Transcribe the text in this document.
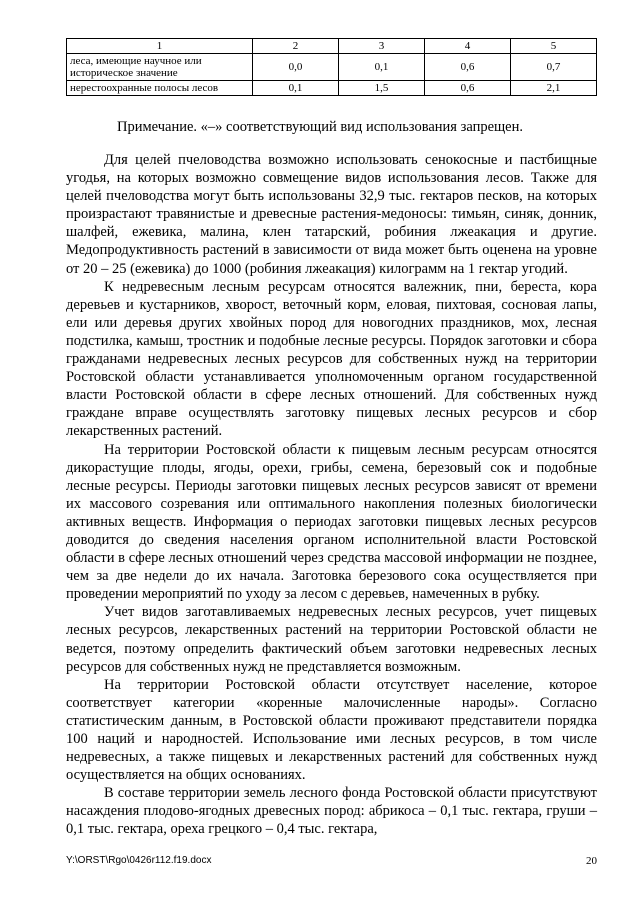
1	2	3	4	5
леса, имеющие научное или историческое значение	0,0	0,1	0,6	0,7
нерестоохранные полосы лесов	0,1	1,5	0,6	2,1
Примечание. «–» соответствующий вид использования запрещен.

Для целей пчеловодства возможно использовать сенокосные и пастбищные угодья, на которых возможно совмещение видов использования лесов. Также для целей пчеловодства могут быть использованы 32,9 тыс. гектаров песков, на которых произрастают травянистые и древесные растения-медоносы: тимьян, синяк, донник, шалфей, ежевика, малина, клен татарский, робиния лжеакация и другие. Медопродуктивность растений в зависимости от вида может быть оценена на уровне от 20 – 25 (ежевика) до 1000 (робиния лжеакация) килограмм на 1 гектар угодий.

К недревесным лесным ресурсам относятся валежник, пни, береста, кора деревьев и кустарников, хворост, веточный корм, еловая, пихтовая, сосновая лапы, ели или деревья других хвойных пород для новогодних праздников, мох, лесная подстилка, камыш, тростник и подобные лесные ресурсы. Порядок заготовки и сбора гражданами недревесных лесных ресурсов для собственных нужд на территории Ростовской области устанавливается уполномоченным органом государственной власти Ростовской области в сфере лесных отношений. Для собственных нужд граждане вправе осуществлять заготовку пищевых лесных ресурсов и сбор лекарственных растений.

На территории Ростовской области к пищевым лесным ресурсам относятся дикорастущие плоды, ягоды, орехи, грибы, семена, березовый сок и подобные лесные ресурсы. Периоды заготовки пищевых лесных ресурсов зависят от времени их массового созревания или оптимального накопления полезных биологически активных веществ. Информация о периодах заготовки пищевых лесных ресурсов доводится до сведения населения органом исполнительной власти Ростовской области в сфере лесных отношений через средства массовой информации не позднее, чем за две недели до их начала. Заготовка березового сока осуществляется при проведении мероприятий по уходу за лесом с деревьев, намеченных в рубку.

Учет видов заготавливаемых недревесных лесных ресурсов, учет пищевых лесных ресурсов, лекарственных растений на территории Ростовской области не ведется, поэтому определить фактический объем заготовки недревесных лесных ресурсов для собственных нужд не представляется возможным.

На территории Ростовской области отсутствует население, которое соответствует категории «коренные малочисленные народы». Согласно статистическим данным, в Ростовской области проживают представители порядка 100 наций и народностей. Использование ими лесных ресурсов, в том числе недревесных, а также пищевых и лекарственных растений для собственных нужд осуществляется на общих основаниях.

В составе территории земель лесного фонда Ростовской области присутствуют насаждения плодово-ягодных древесных пород: абрикоса – 0,1 тыс. гектара, груши – 0,1 тыс. гектара, ореха грецкого – 0,4 тыс. гектара,

Y:\ORST\Rgo\0426r112.f19.docx	20
